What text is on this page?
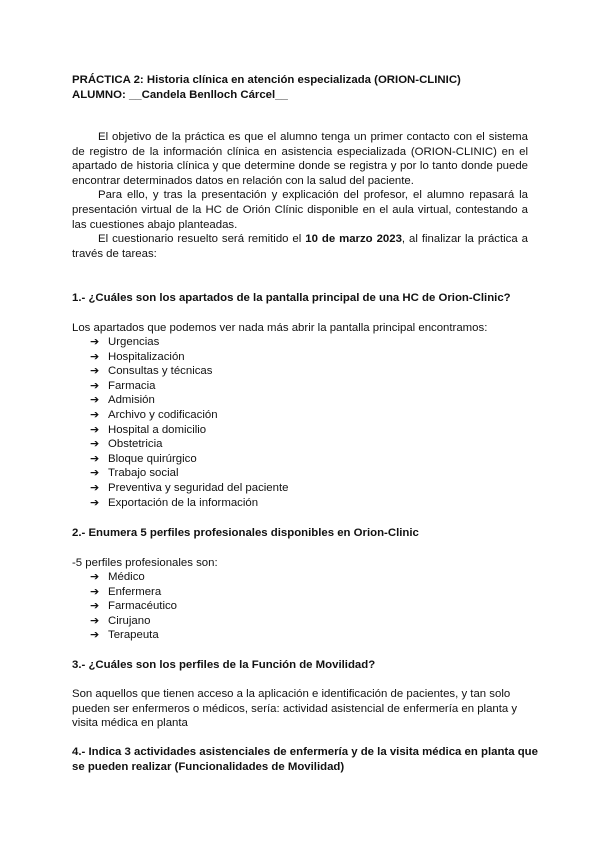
PRÁCTICA 2: Historia clínica en atención especializada (ORION-CLINIC)

ALUMNO: __Candela Benlloch Cárcel__

El objetivo de la práctica es que el alumno tenga un primer contacto con el sistema de registro de la información clínica en asistencia especializada (ORION-CLINIC) en el apartado de historia clínica y que determine donde se registra y por lo tanto donde puede encontrar determinados datos en relación con la salud del paciente.

Para ello, y tras la presentación y explicación del profesor, el alumno repasará la presentación virtual de la HC de Orión Clínic disponible en el aula virtual, contestando a las cuestiones abajo planteadas.

El cuestionario resuelto será remitido el 10 de marzo 2023, al finalizar la práctica a través de tareas:

1.- ¿Cuáles son los apartados de la pantalla principal de una HC de Orion-Clinic?

Los apartados que podemos ver nada más abrir la pantalla principal encontramos:

➔ Urgencias
➔ Hospitalización
➔ Consultas y técnicas
➔ Farmacia
➔ Admisión
➔ Archivo y codificación
➔ Hospital a domicilio
➔ Obstetricia
➔ Bloque quirúrgico
➔ Trabajo social
➔ Preventiva y seguridad del paciente
➔ Exportación de la información

2.- Enumera 5 perfiles profesionales disponibles en Orion-Clinic

-5 perfiles profesionales son:

➔ Médico
➔ Enfermera
➔ Farmacéutico
➔ Cirujano
➔ Terapeuta

3.- ¿Cuáles son los perfiles de la Función de Movilidad?

Son aquellos que tienen acceso a la aplicación e identificación de pacientes, y tan solo pueden ser enfermeros o médicos, sería: actividad asistencial de enfermería en planta y visita médica en planta

4.- Indica 3 actividades asistenciales de enfermería y de la visita médica en planta que se pueden realizar (Funcionalidades de Movilidad)
